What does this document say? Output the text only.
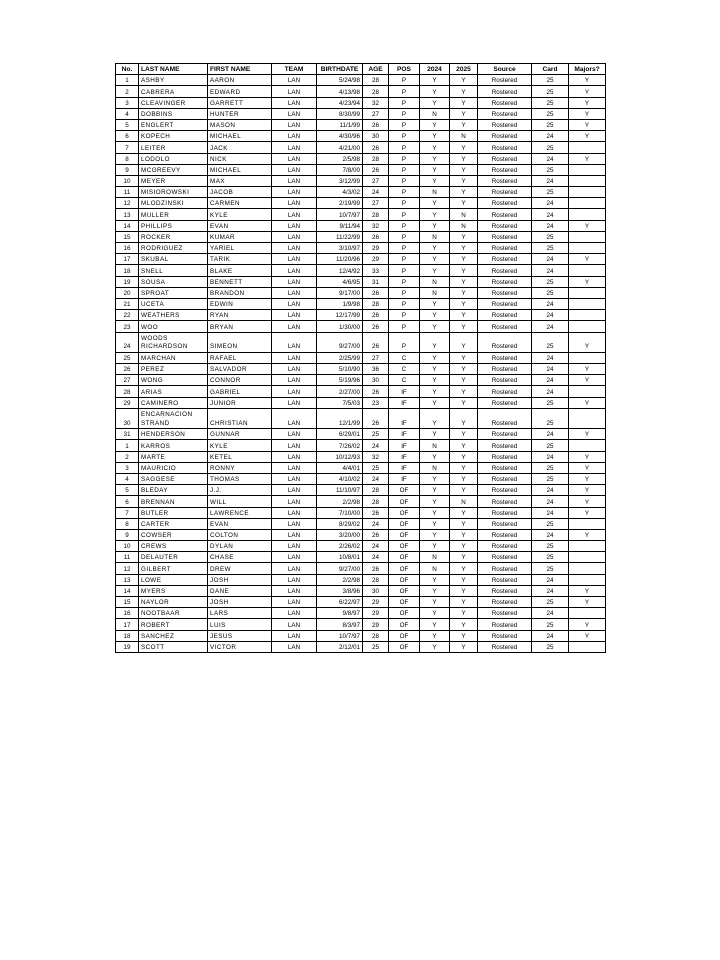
No.	LAST NAME	FIRST NAME	TEAM	BIRTHDATE	AGE	POS	2024	2025	Source	Card	Majors?
1	ASHBY	AARON	LAN	5/24/98	28	P	Y	Y	Rostered	25	Y
2	CABRERA	EDWARD	LAN	4/13/98	28	P	Y	Y	Rostered	25	Y
3	CLEAVINGER	GARRETT	LAN	4/23/94	32	P	Y	Y	Rostered	25	Y
4	DOBBINS	HUNTER	LAN	8/30/99	27	P	N	Y	Rostered	25	Y
5	ENGLERT	MASON	LAN	11/1/99	26	P	Y	Y	Rostered	25	Y
6	KOPECH	MICHAEL	LAN	4/30/96	30	P	Y	N	Rostered	24	Y
7	LEITER	JACK	LAN	4/21/00	26	P	Y	Y	Rostered	25	
8	LODOLO	NICK	LAN	2/5/98	28	P	Y	Y	Rostered	24	Y
9	MCGREEVY	MICHAEL	LAN	7/8/00	26	P	Y	Y	Rostered	25	
10	MEYER	MAX	LAN	3/12/99	27	P	Y	Y	Rostered	24	
11	MISIOROWSKI	JACOB	LAN	4/3/02	24	P	N	Y	Rostered	25	
12	MLODZINSKI	CARMEN	LAN	2/19/99	27	P	Y	Y	Rostered	24	
13	MULLER	KYLE	LAN	10/7/97	28	P	Y	N	Rostered	24	
14	PHILLIPS	EVAN	LAN	9/11/94	32	P	Y	N	Rostered	24	Y
15	ROCKER	KUMAR	LAN	11/22/99	26	P	N	Y	Rostered	25	
16	RODRIGUEZ	YARIEL	LAN	3/10/97	29	P	Y	Y	Rostered	25	
17	SKUBAL	TARIK	LAN	11/20/96	29	P	Y	Y	Rostered	24	Y
18	SNELL	BLAKE	LAN	12/4/92	33	P	Y	Y	Rostered	24	
19	SOUSA	BENNETT	LAN	4/6/95	31	P	N	Y	Rostered	25	Y
20	SPROAT	BRANDON	LAN	9/17/00	26	P	N	Y	Rostered	25	
21	UCETA	EDWIN	LAN	1/9/98	28	P	Y	Y	Rostered	24	
22	WEATHERS	RYAN	LAN	12/17/99	26	P	Y	Y	Rostered	24	
23	WOO	BRYAN	LAN	1/30/00	26	P	Y	Y	Rostered	24	
24	WOODS RICHARDSON	SIMEON	LAN	9/27/00	26	P	Y	Y	Rostered	25	Y
25	MARCHAN	RAFAEL	LAN	2/25/99	27	C	Y	Y	Rostered	24	
26	PEREZ	SALVADOR	LAN	5/10/90	36	C	Y	Y	Rostered	24	Y
27	WONG	CONNOR	LAN	5/19/96	30	C	Y	Y	Rostered	24	Y
28	ARIAS	GABRIEL	LAN	2/27/00	26	IF	Y	Y	Rostered	24	
29	CAMINERO	JUNIOR	LAN	7/5/03	23	IF	Y	Y	Rostered	25	Y
30	ENCARNACION STRAND	CHRISTIAN	LAN	12/1/99	26	IF	Y	Y	Rostered	25	
31	HENDERSON	GUNNAR	LAN	6/29/01	25	IF	Y	Y	Rostered	24	Y
1	KARROS	KYLE	LAN	7/26/02	24	IF	N	Y	Rostered	25	
2	MARTE	KETEL	LAN	10/12/93	32	IF	Y	Y	Rostered	24	Y
3	MAURICIO	RONNY	LAN	4/4/01	25	IF	N	Y	Rostered	25	Y
4	SAGGESE	THOMAS	LAN	4/10/02	24	IF	Y	Y	Rostered	25	Y
5	BLEDAY	J.J.	LAN	11/10/97	28	OF	Y	Y	Rostered	24	Y
6	BRENNAN	WILL	LAN	2/2/98	28	OF	Y	N	Rostered	24	Y
7	BUTLER	LAWRENCE	LAN	7/10/00	26	OF	Y	Y	Rostered	24	Y
8	CARTER	EVAN	LAN	8/29/02	24	OF	Y	Y	Rostered	25	
9	COWSER	COLTON	LAN	3/20/00	26	OF	Y	Y	Rostered	24	Y
10	CREWS	DYLAN	LAN	2/26/02	24	OF	Y	Y	Rostered	25	
11	DELAUTER	CHASE	LAN	10/8/01	24	OF	N	Y	Rostered	25	
12	GILBERT	DREW	LAN	9/27/00	26	OF	N	Y	Rostered	25	
13	LOWE	JOSH	LAN	2/2/98	28	OF	Y	Y	Rostered	24	
14	MYERS	DANE	LAN	3/8/96	30	OF	Y	Y	Rostered	24	Y
15	NAYLOR	JOSH	LAN	6/22/97	29	OF	Y	Y	Rostered	25	Y
16	NOOTBAAR	LARS	LAN	9/8/97	29	OF	Y	Y	Rostered	24	
17	ROBERT	LUIS	LAN	8/3/97	29	OF	Y	Y	Rostered	25	Y
18	SANCHEZ	JESUS	LAN	10/7/97	28	OF	Y	Y	Rostered	24	Y
19	SCOTT	VICTOR	LAN	2/12/01	25	OF	Y	Y	Rostered	25	
